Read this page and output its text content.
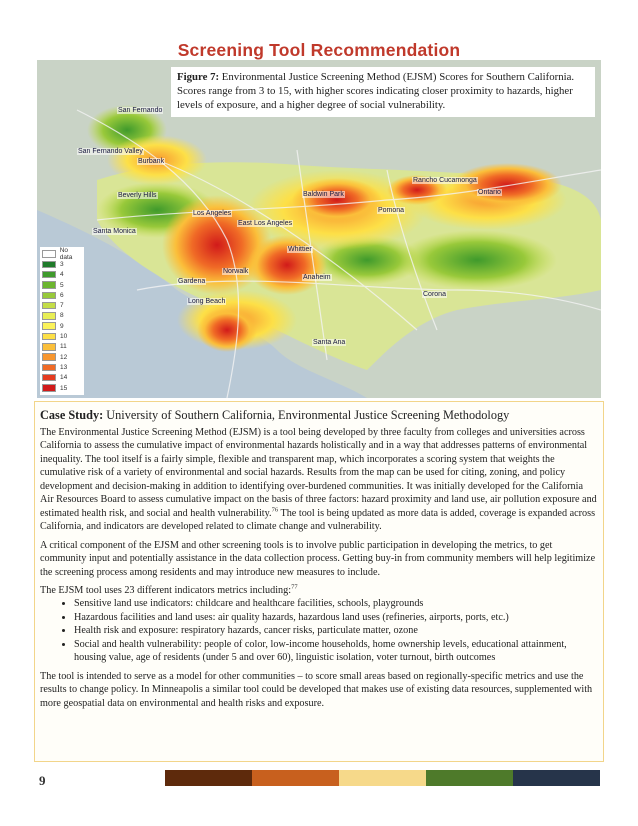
Screening Tool Recommendation
San Fernando
San Fernando Valley
Burbank
Beverly Hills
Los Angeles
Baldwin Park
Pomona
Ontario
Rancho Cucamonga
Santa Monica
Whittier
Norwalk
Gardena
Anaheim
Long Beach
Corona
Santa Ana
East Los Angeles
Figure 7: Environmental Justice Screening Method (EJSM) Scores for Southern California. Scores range from 3 to 15, with higher scores indicating closer proximity to hazards, higher levels of exposure, and a higher degree of social vulnerability.
No data
3
4
5
6
7
8
9
10
11
12
13
14
15
Case Study: University of Southern California, Environmental Justice Screening Methodology

The Environmental Justice Screening Method (EJSM) is a tool being developed by three faculty from colleges and universities across California to assess the cumulative impact of environmental hazards holistically and in a way that addresses patterns of environmental inequality. The tool itself is a fairly simple, flexible and transparent map, which incorporates a scoring system that weights the cumulative risk of a variety of environmental and social hazards. Results from the map can be used for citing, zoning, and policy development and decision-making in addition to identifying over-burdened communities. It was initially developed for the California Air Resources Board to assess cumulative impact on the basis of three factors: hazard proximity and land use, air pollution exposure and estimated health risk, and social and health vulnerability.$^{76}$ The tool is being updated as more data is added, coverage is expanded across California, and indicators are developed related to climate change and vulnerability.

A critical component of the EJSM and other screening tools is to involve public participation in developing the metrics, to get community input and potentially assistance in the data collection process. Getting buy-in from community members will help legitimize the screening process among residents and may introduce new measures to include.

The EJSM tool uses 23 different indicators metrics including:$^{77}$

• Sensitive land use indicators: childcare and healthcare facilities, schools, playgrounds
• Hazardous facilities and land uses: air quality hazards, hazardous land uses (refineries, airports, ports, etc.)
• Health risk and exposure: respiratory hazards, cancer risks, particulate matter, ozone
• Social and health vulnerability: people of color, low-income households, home ownership levels, educational attainment, housing value, age of residents (under 5 and over 60), linguistic isolation, voter turnout, birth outcomes

The tool is intended to serve as a model for other communities – to score small areas based on regionally-specific metrics and use the results to change policy. In Minneapolis a similar tool could be developed that makes use of existing data resources, supplemented with more geospatial data on environmental and health risks and exposure.

9
